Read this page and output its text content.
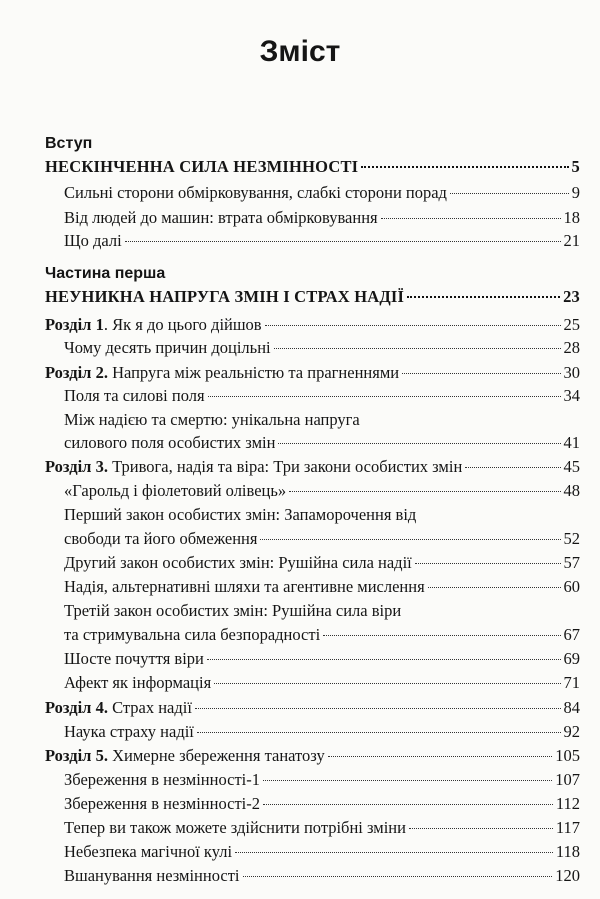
Зміст
Вступ
НЕСКІНЧЕННА СИЛА НЕЗМІННОСТІ	5
Сильні сторони обмірковування, слабкі сторони порад	9
Від людей до машин: втрата обмірковування	18
Що далі	21
Частина перша
НЕУНИКНА НАПРУГА ЗМІН І СТРАХ НАДІЇ	23
Розділ 1. Як я до цього дійшов	25
Чому десять причин доцільні	28
Розділ 2. Напруга між реальністю та прагненнями	30
Поля та силові поля	34
Між надією та смертю: унікальна напруга
силового поля особистих змін	41
Розділ 3. Тривога, надія та віра: Три закони особистих змін	45
«Гарольд і фіолетовий олівець»	48
Перший закон особистих змін: Запаморочення від
свободи та його обмеження	52
Другий закон особистих змін: Рушійна сила надії	57
Надія, альтернативні шляхи та агентивне мислення	60
Третій закон особистих змін: Рушійна сила віри
та стримувальна сила безпорадності	67
Шосте почуття віри	69
Афект як інформація	71
Розділ 4. Страх надії	84
Наука страху надії	92
Розділ 5. Химерне збереження танатозу	105
Збереження в незмінності-1	107
Збереження в незмінності-2	112
Тепер ви також можете здійснити потрібні зміни	117
Небезпека магічної кулі	118
Вшанування незмінності	120
